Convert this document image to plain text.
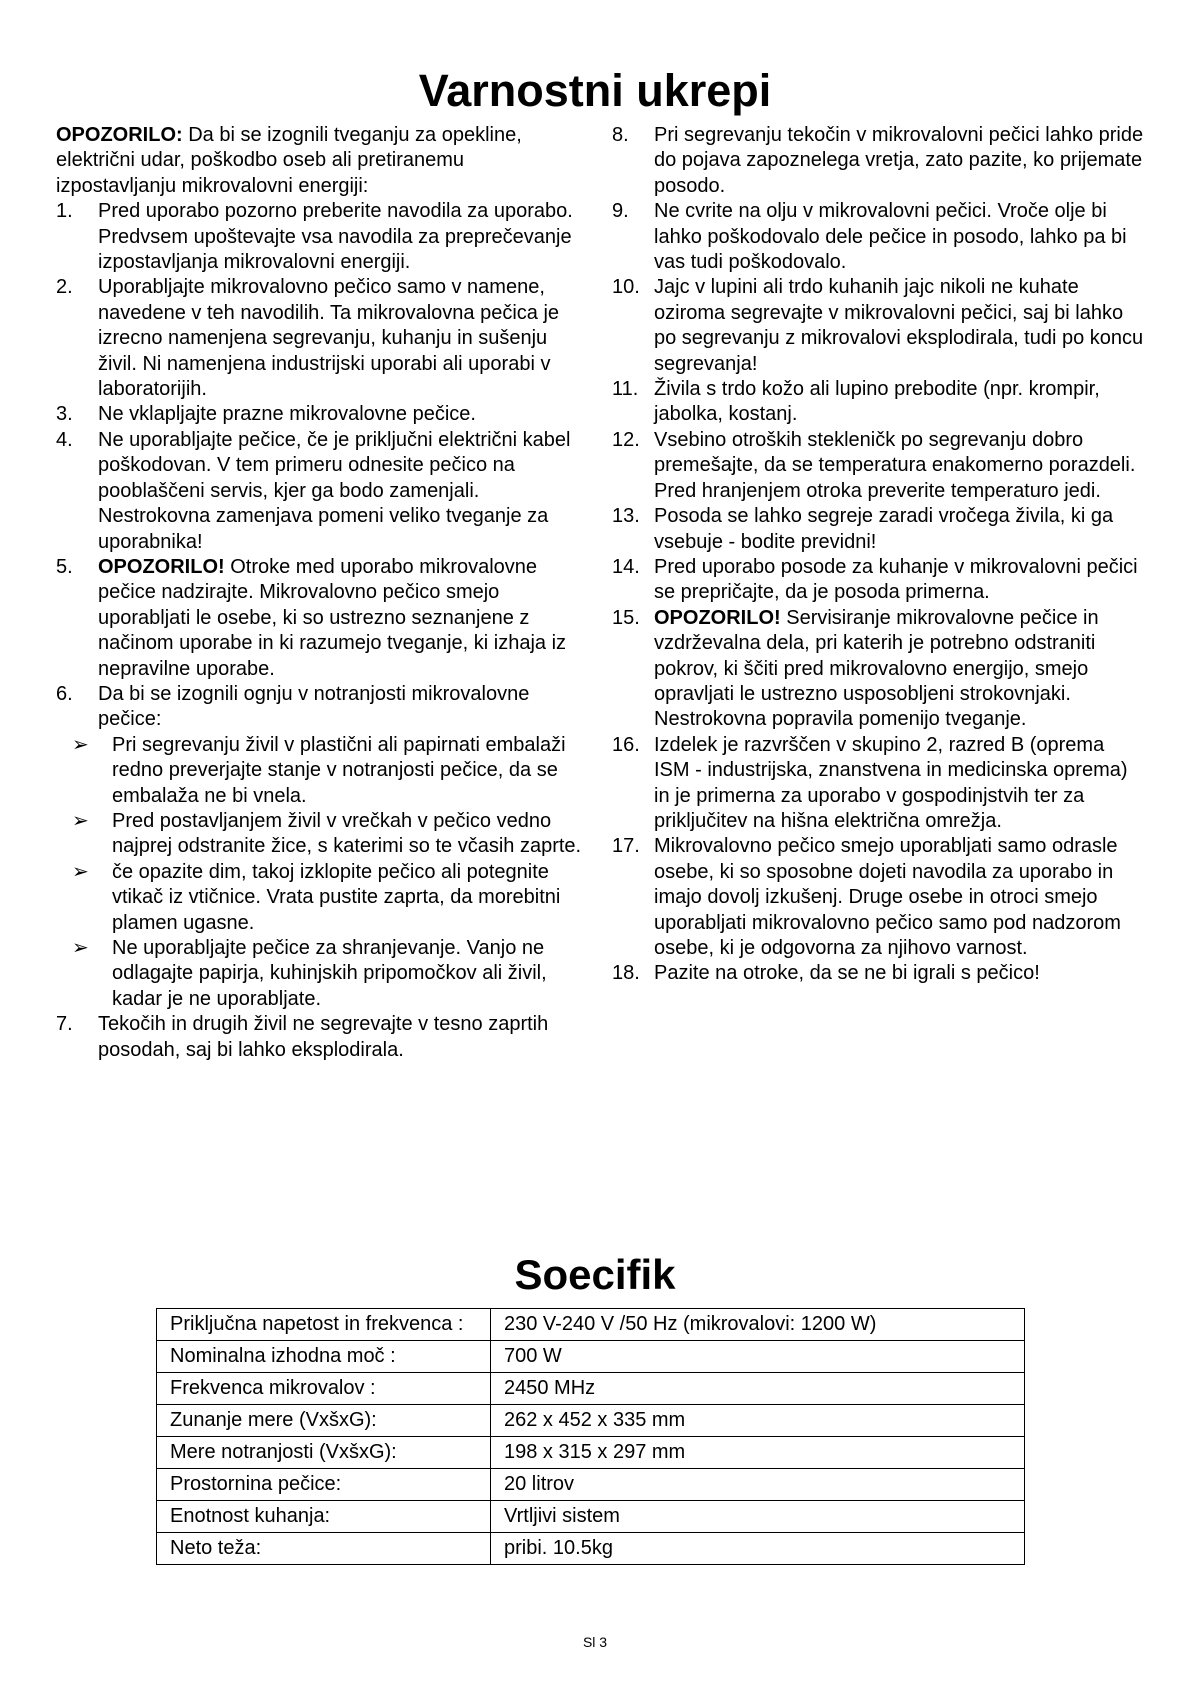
Varnostni ukrepi

OPOZORILO: Da bi se izognili tveganju za opekline, električni udar, poškodbo oseb ali pretiranemu izpostavljanju mikrovalovni energiji:

1. Pred uporabo pozorno preberite navodila za uporabo. Predvsem upoštevajte vsa navodila za preprečevanje izpostavljanja mikrovalovni energiji.
2. Uporabljajte mikrovalovno pečico samo v namene, navedene v teh navodilih. Ta mikrovalovna pečica je izrecno namenjena segrevanju, kuhanju in sušenju živil. Ni namenjena industrijski uporabi ali uporabi v laboratorijih.
3. Ne vklapljajte prazne mikrovalovne pečice.
4. Ne uporabljajte pečice, če je priključni električni kabel poškodovan. V tem primeru odnesite pečico na pooblaščeni servis, kjer ga bodo zamenjali. Nestrokovna zamenjava pomeni veliko tveganje za uporabnika!
5. OPOZORILO! Otroke med uporabo mikrovalovne pečice nadzirajte. Mikrovalovno pečico smejo uporabljati le osebe, ki so ustrezno seznanjene z načinom uporabe in ki razumejo tveganje, ki izhaja iz nepravilne uporabe.
6. Da bi se izognili ognju v notranjosti mikrovalovne pečice:
➢ Pri segrevanju živil v plastični ali papirnati embalaži redno preverjajte stanje v notranjosti pečice, da se embalaža ne bi vnela.
➢ Pred postavljanjem živil v vrečkah v pečico vedno najprej odstranite žice, s katerimi so te včasih zaprte.
➢ če opazite dim, takoj izklopite pečico ali potegnite vtikač iz vtičnice. Vrata pustite zaprta, da morebitni plamen ugasne.
➢ Ne uporabljajte pečice za shranjevanje. Vanjo ne odlagajte papirja, kuhinjskih pripomočkov ali živil, kadar je ne uporabljate.
7. Tekočih in drugih živil ne segrevajte v tesno zaprtih posodah, saj bi lahko eksplodirala.
8. Pri segrevanju tekočin v mikrovalovni pečici lahko pride do pojava zapoznelega vretja, zato pazite, ko prijemate posodo.
9. Ne cvrite na olju v mikrovalovni pečici. Vroče olje bi lahko poškodovalo dele pečice in posodo, lahko pa bi vas tudi poškodovalo.
10. Jajc v lupini ali trdo kuhanih jajc nikoli ne kuhate oziroma segrevajte v mikrovalovni pečici, saj bi lahko po segrevanju z mikrovalovi eksplodirala, tudi po koncu segrevanja!
11. Živila s trdo kožo ali lupino prebodite (npr. krompir, jabolka, kostanj.
12. Vsebino otroških stekleničk po segrevanju dobro premešajte, da se temperatura enakomerno porazdeli. Pred hranjenjem otroka preverite temperaturo jedi.
13. Posoda se lahko segreje zaradi vročega živila, ki ga vsebuje - bodite previdni!
14. Pred uporabo posode za kuhanje v mikrovalovni pečici se prepričajte, da je posoda primerna.
15. OPOZORILO! Servisiranje mikrovalovne pečice in vzdrževalna dela, pri katerih je potrebno odstraniti pokrov, ki ščiti pred mikrovalovno energijo, smejo opravljati le ustrezno usposobljeni strokovnjaki. Nestrokovna popravila pomenijo tveganje.
16. Izdelek je razvrščen v skupino 2, razred B (oprema ISM - industrijska, znanstvena in medicinska oprema) in je primerna za uporabo v gospodinjstvih ter za priključitev na hišna električna omrežja.
17. Mikrovalovno pečico smejo uporabljati samo odrasle osebe, ki so sposobne dojeti navodila za uporabo in imajo dovolj izkušenj. Druge osebe in otroci smejo uporabljati mikrovalovno pečico samo pod nadzorom osebe, ki je odgovorna za njihovo varnost.
18. Pazite na otroke, da se ne bi igrali s pečico!
Soecifik
Priključna napetost in frekvenca :	230 V-240 V /50 Hz (mikrovalovi: 1200 W)
Nominalna izhodna moč :	700 W
Frekvenca mikrovalov :	2450 MHz
Zunanje mere (VxšxG):	262 x 452 x 335 mm
Mere notranjosti (VxšxG):	198 x 315 x 297 mm
Prostornina pečice:	20 litrov
Enotnost kuhanja:	Vrtljivi sistem
Neto teža:	pribi. 10.5kg
Sl 3
